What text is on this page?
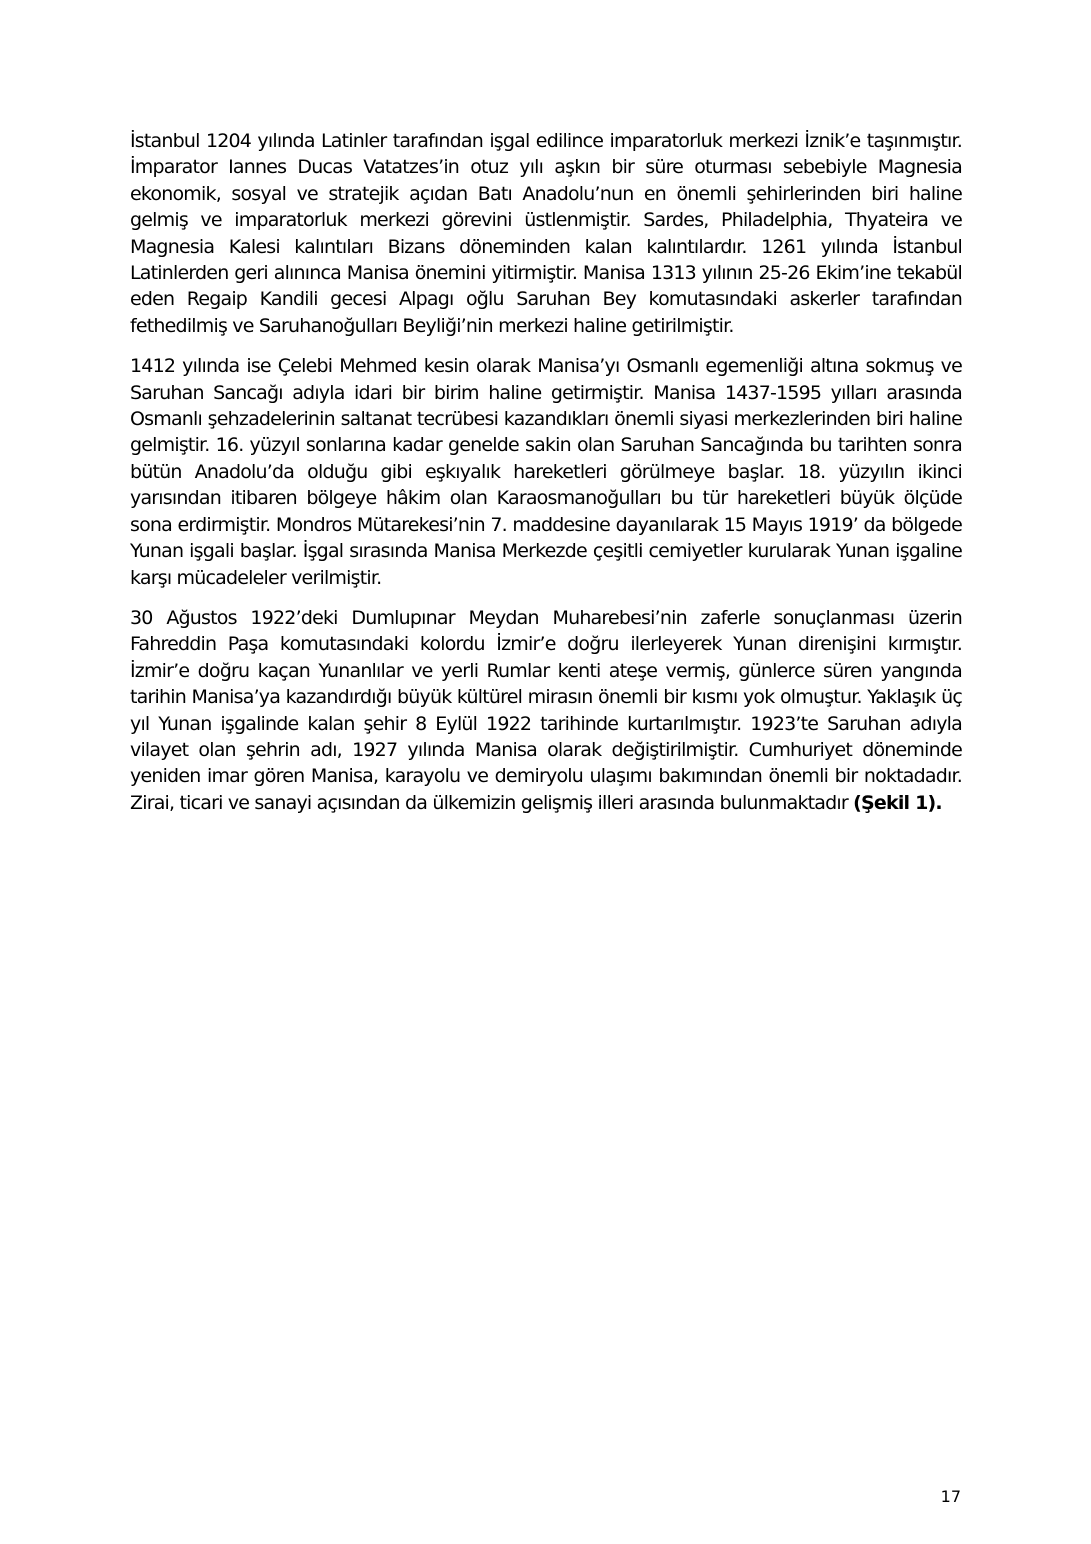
İstanbul 1204 yılında Latinler tarafından işgal edilince imparatorluk merkezi İznik’e taşınmıştır. İmparator Iannes Ducas Vatatzes’in otuz yılı aşkın bir süre oturması sebebiyle Magnesia ekonomik, sosyal ve stratejik açıdan Batı Anadolu’nun en önemli şehirlerinden biri haline gelmiş ve imparatorluk merkezi görevini üstlenmiştir. Sardes, Philadelphia, Thyateira ve Magnesia Kalesi kalıntıları Bizans döneminden kalan kalıntılardır. 1261 yılında İstanbul Latinlerden geri alınınca Manisa önemini yitirmiştir. Manisa 1313 yılının 25-26 Ekim’ine tekabül eden Regaip Kandili gecesi Alpagı oğlu Saruhan Bey komutasındaki askerler tarafından fethedilmiş ve Saruhanoğulları Beyliği’nin merkezi haline getirilmiştir.

1412 yılında ise Çelebi Mehmed kesin olarak Manisa’yı Osmanlı egemenliği altına sokmuş ve Saruhan Sancağı adıyla idari bir birim haline getirmiştir. Manisa 1437-1595 yılları arasında Osmanlı şehzadelerinin saltanat tecrübesi kazandıkları önemli siyasi merkezlerinden biri haline gelmiştir. 16. yüzyıl sonlarına kadar genelde sakin olan Saruhan Sancağında bu tarihten sonra bütün Anadolu’da olduğu gibi eşkıyalık hareketleri görülmeye başlar. 18. yüzyılın ikinci yarısından itibaren bölgeye hâkim olan Karaosmanoğulları bu tür hareketleri büyük ölçüde sona erdirmiştir. Mondros Mütarekesi’nin 7. maddesine dayanılarak 15 Mayıs 1919’ da bölgede Yunan işgali başlar. İşgal sırasında Manisa Merkezde çeşitli cemiyetler kurularak Yunan işgaline karşı mücadeleler verilmiştir.

30 Ağustos 1922’deki Dumlupınar Meydan Muharebesi’nin zaferle sonuçlanması üzerin Fahreddin Paşa komutasındaki kolordu İzmir’e doğru ilerleyerek Yunan direnişini kırmıştır. İzmir’e doğru kaçan Yunanlılar ve yerli Rumlar kenti ateşe vermiş, günlerce süren yangında tarihin Manisa’ya kazandırdığı büyük kültürel mirasın önemli bir kısmı yok olmuştur. Yaklaşık üç yıl Yunan işgalinde kalan şehir 8 Eylül 1922 tarihinde kurtarılmıştır. 1923’te Saruhan adıyla vilayet olan şehrin adı, 1927 yılında Manisa olarak değiştirilmiştir. Cumhuriyet döneminde yeniden imar gören Manisa, karayolu ve demiryolu ulaşımı bakımından önemli bir noktadadır. Zirai, ticari ve sanayi açısından da ülkemizin gelişmiş illeri arasında bulunmaktadır (Şekil 1).

17
